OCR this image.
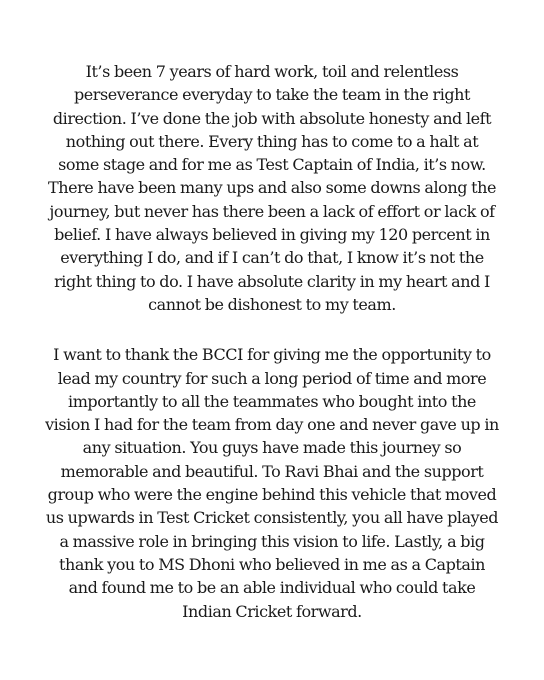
It’s been 7 years of hard work, toil and relentless
perseverance everyday to take the team in the right
direction. I’ve done the job with absolute honesty and left
nothing out there. Every thing has to come to a halt at
some stage and for me as Test Captain of India, it’s now.
There have been many ups and also some downs along the
journey, but never has there been a lack of effort or lack of
belief. I have always believed in giving my 120 percent in
everything I do, and if I can’t do that, I know it’s not the
right thing to do. I have absolute clarity in my heart and I
cannot be dishonest to my team.

I want to thank the BCCI for giving me the opportunity to
lead my country for such a long period of time and more
importantly to all the teammates who bought into the
vision I had for the team from day one and never gave up in
any situation. You guys have made this journey so
memorable and beautiful. To Ravi Bhai and the support
group who were the engine behind this vehicle that moved
us upwards in Test Cricket consistently, you all have played
a massive role in bringing this vision to life. Lastly, a big
thank you to MS Dhoni who believed in me as a Captain
and found me to be an able individual who could take
Indian Cricket forward.
